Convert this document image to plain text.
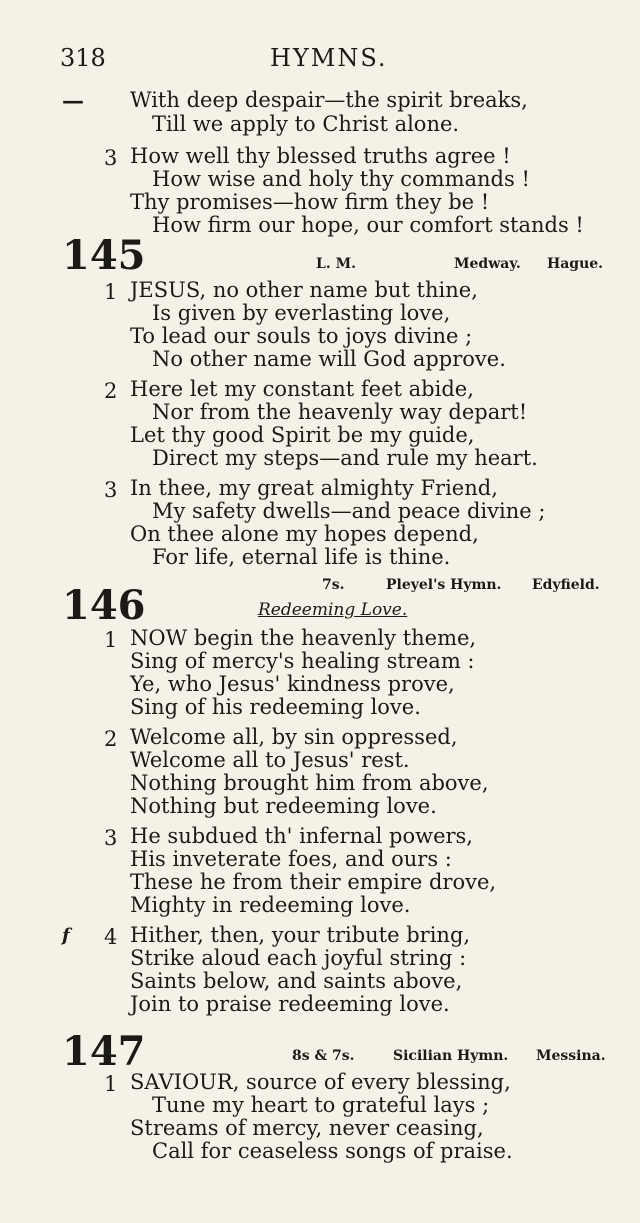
318	HYMNS.
— With deep despair—the spirit breaks,
Till we apply to Christ alone.
3 How well thy blessed truths agree !
How wise and holy thy commands !
Thy promises—how firm they be !
How firm our hope, our comfort stands !
145	L. M.	Medway. Hague.
1 JESUS, no other name but thine,
Is given by everlasting love,
To lead our souls to joys divine ;
No other name will God approve.
2 Here let my constant feet abide,
Nor from the heavenly way depart!
Let thy good Spirit be my guide,
Direct my steps—and rule my heart.
3 In thee, my great almighty Friend,
My safety dwells—and peace divine ;
On thee alone my hopes depend,
For life, eternal life is thine.
7s.	Pleyel's Hymn. Edyfield.
146	Redeeming Love.
1 NOW begin the heavenly theme,
Sing of mercy's healing stream :
Ye, who Jesus' kindness prove,
Sing of his redeeming love.
2 Welcome all, by sin oppressed,
Welcome all to Jesus' rest.
Nothing brought him from above,
Nothing but redeeming love.
3 He subdued th' infernal powers,
His inveterate foes, and ours :
These he from their empire drove,
Mighty in redeeming love.
f 4 Hither, then, your tribute bring,
Strike aloud each joyful string :
Saints below, and saints above,
Join to praise redeeming love.
147	8s & 7s.	Sicilian Hymn. Messina.
1 SAVIOUR, source of every blessing,
Tune my heart to grateful lays ;
Streams of mercy, never ceasing,
Call for ceaseless songs of praise.
